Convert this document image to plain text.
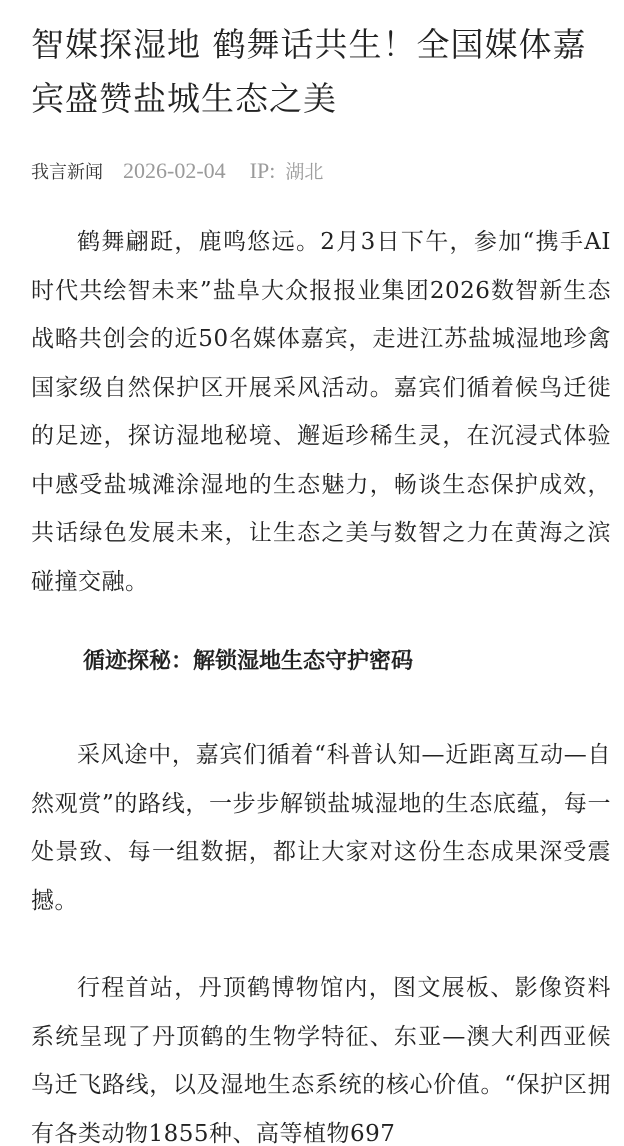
智媒探湿地 鹤舞话共生！全国媒体嘉宾盛赞盐城生态之美
我言新闻 2026-02-04 IP: 湖北

鹤舞翩跹，鹿鸣悠远。2月3日下午，参加“携手AI时代共绘智未来”盐阜大众报报业集团2026数智新生态战略共创会的近50名媒体嘉宾，走进江苏盐城湿地珍禽国家级自然保护区开展采风活动。嘉宾们循着候鸟迁徙的足迹，探访湿地秘境、邂逅珍稀生灵，在沉浸式体验中感受盐城滩涂湿地的生态魅力，畅谈生态保护成效，共话绿色发展未来，让生态之美与数智之力在黄海之滨碰撞交融。

循迹探秘：解锁湿地生态守护密码

采风途中，嘉宾们循着“科普认知—近距离互动—自然观赏”的路线，一步步解锁盐城湿地的生态底蕴，每一处景致、每一组数据，都让大家对这份生态成果深受震撼。

行程首站，丹顶鹤博物馆内，图文展板、影像资料系统呈现了丹顶鹤的生物学特征、东亚—澳大利西亚候鸟迁飞路线，以及湿地生态系统的核心价值。“保护区拥有各类动物1855种、高等植物697
